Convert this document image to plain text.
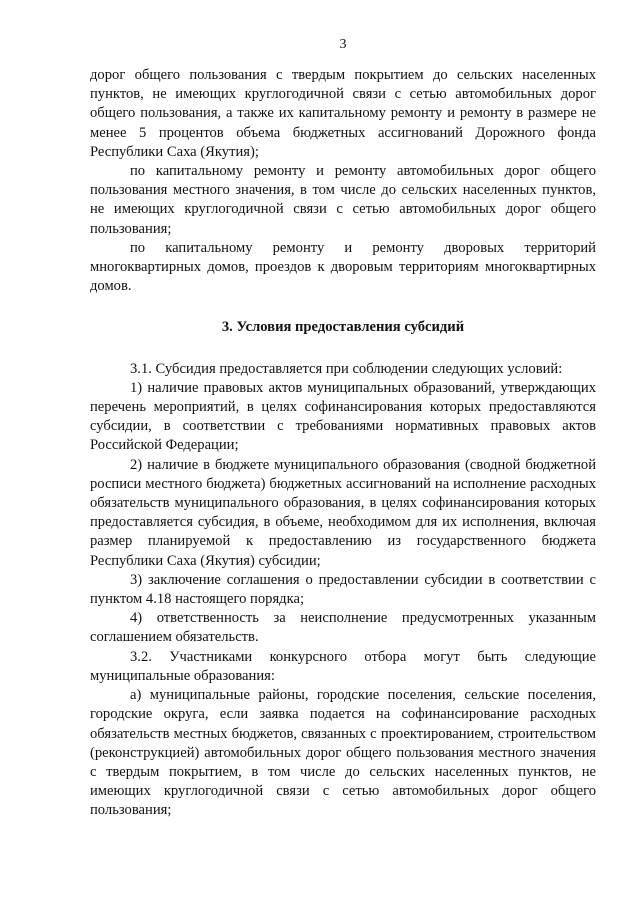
3

дорог общего пользования с твердым покрытием до сельских населенных пунктов, не имеющих круглогодичной связи с сетью автомобильных дорог общего пользования, а также их капитальному ремонту и ремонту в размере не менее 5 процентов объема бюджетных ассигнований Дорожного фонда Республики Саха (Якутия);

по капитальному ремонту и ремонту автомобильных дорог общего пользования местного значения, в том числе до сельских населенных пунктов, не имеющих круглогодичной связи с сетью автомобильных дорог общего пользования;

по капитальному ремонту и ремонту дворовых территорий многоквартирных домов, проездов к дворовым территориям многоквартирных домов.

3. Условия предоставления субсидий

3.1. Субсидия предоставляется при соблюдении следующих условий:

1) наличие правовых актов муниципальных образований, утверждающих перечень мероприятий, в целях софинансирования которых предоставляются субсидии, в соответствии с требованиями нормативных правовых актов Российской Федерации;

2) наличие в бюджете муниципального образования (сводной бюджетной росписи местного бюджета) бюджетных ассигнований на исполнение расходных обязательств муниципального образования, в целях софинансирования которых предоставляется субсидия, в объеме, необходимом для их исполнения, включая размер планируемой к предоставлению из государственного бюджета Республики Саха (Якутия) субсидии;

3) заключение соглашения о предоставлении субсидии в соответствии с пунктом 4.18 настоящего порядка;

4) ответственность за неисполнение предусмотренных указанным соглашением обязательств.

3.2. Участниками конкурсного отбора могут быть следующие муниципальные образования:

а) муниципальные районы, городские поселения, сельские поселения, городские округа, если заявка подается на софинансирование расходных обязательств местных бюджетов, связанных с проектированием, строительством (реконструкцией) автомобильных дорог общего пользования местного значения с твердым покрытием, в том числе до сельских населенных пунктов, не имеющих круглогодичной связи с сетью автомобильных дорог общего пользования;
